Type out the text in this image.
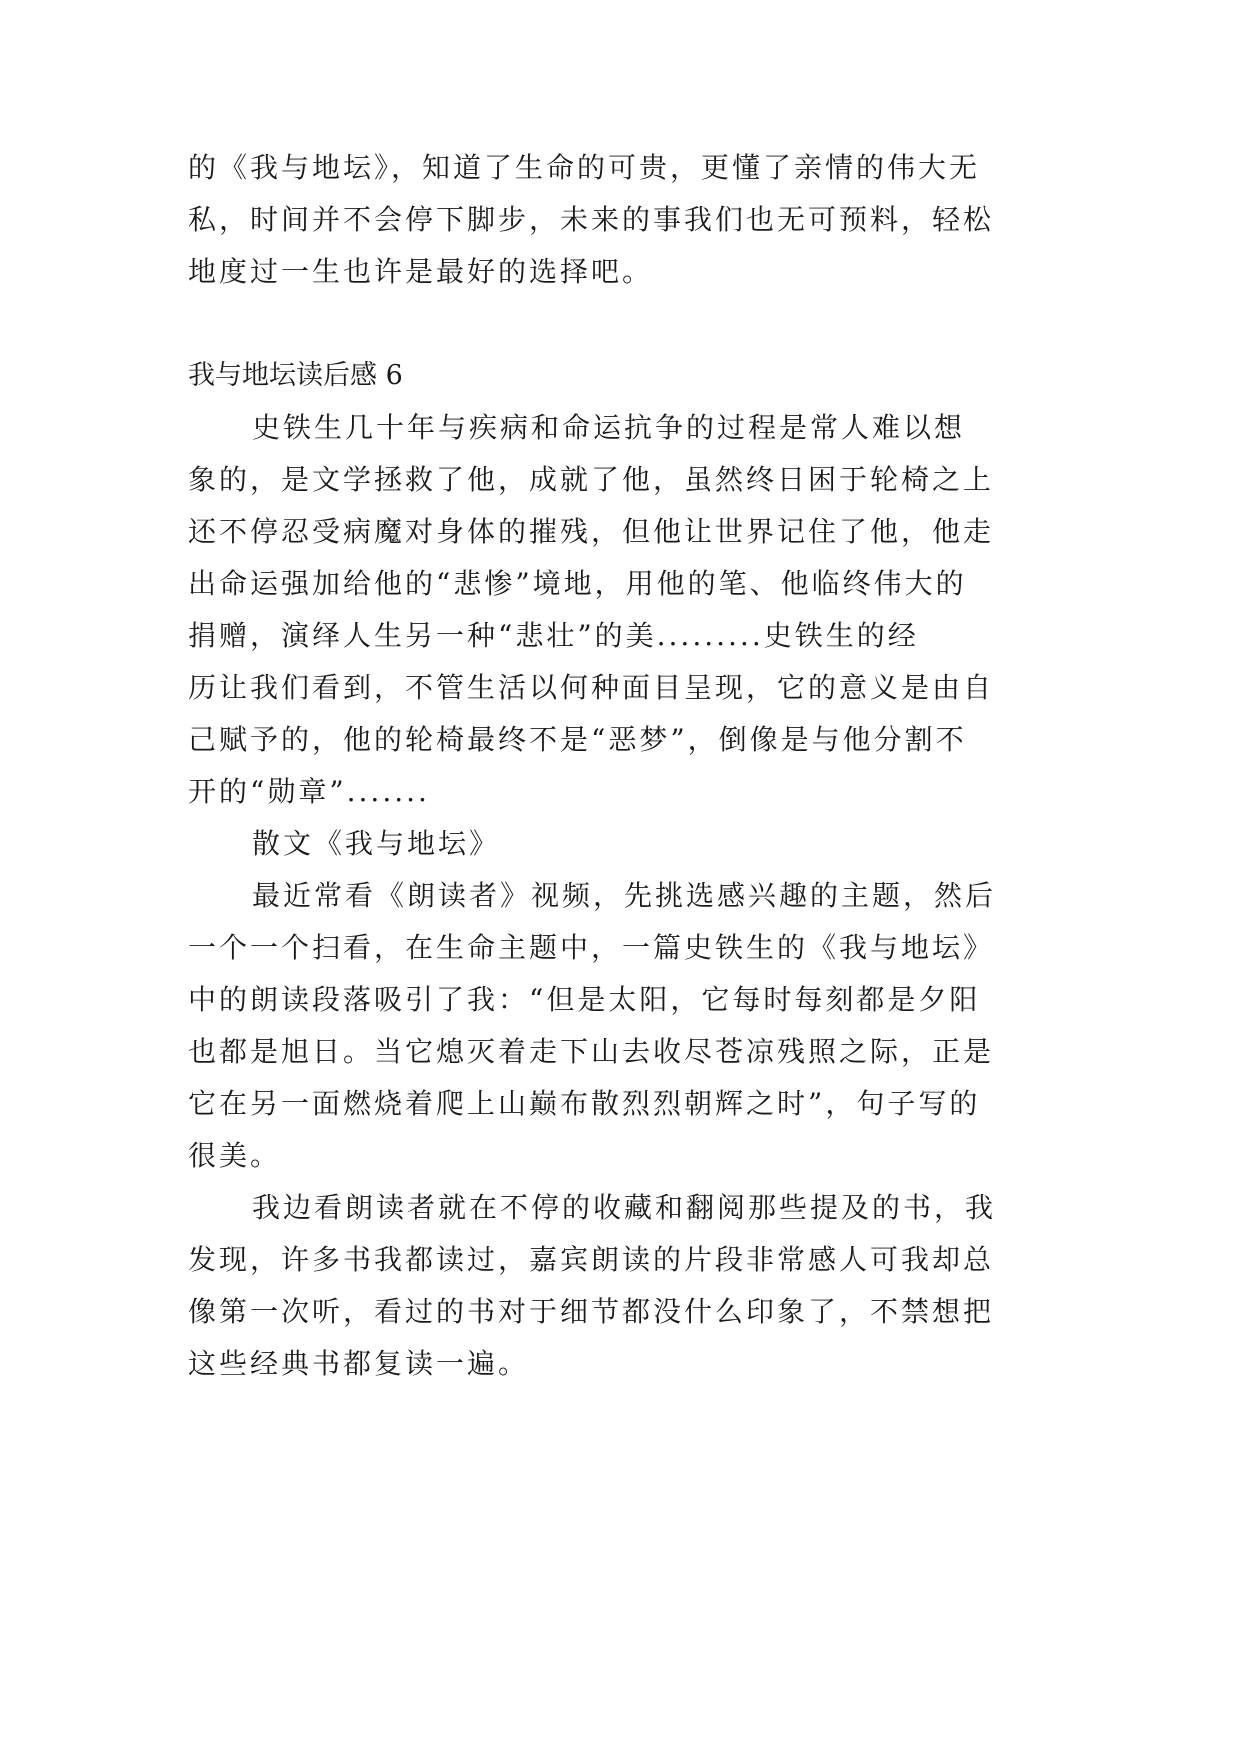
的《我与地坛》，知道了生命的可贵，更懂了亲情的伟大无
私，时间并不会停下脚步，未来的事我们也无可预料，轻松
地度过一生也许是最好的选择吧。
我与地坛读后感 6
史铁生几十年与疾病和命运抗争的过程是常人难以想
象的，是文学拯救了他，成就了他，虽然终日困于轮椅之上
还不停忍受病魔对身体的摧残，但他让世界记住了他，他走
出命运强加给他的“悲惨”境地，用他的笔、他临终伟大的
捐赠，演绎人生另一种“悲壮”的美.........史铁生的经
历让我们看到，不管生活以何种面目呈现，它的意义是由自
己赋予的，他的轮椅最终不是“恶梦”，倒像是与他分割不
开的“勋章”.......
散文《我与地坛》
最近常看《朗读者》视频，先挑选感兴趣的主题，然后
一个一个扫看，在生命主题中，一篇史铁生的《我与地坛》
中的朗读段落吸引了我：“但是太阳，它每时每刻都是夕阳
也都是旭日。当它熄灭着走下山去收尽苍凉残照之际，正是
它在另一面燃烧着爬上山巅布散烈烈朝辉之时”，句子写的
很美。
我边看朗读者就在不停的收藏和翻阅那些提及的书，我
发现，许多书我都读过，嘉宾朗读的片段非常感人可我却总
像第一次听，看过的书对于细节都没什么印象了，不禁想把
这些经典书都复读一遍。
